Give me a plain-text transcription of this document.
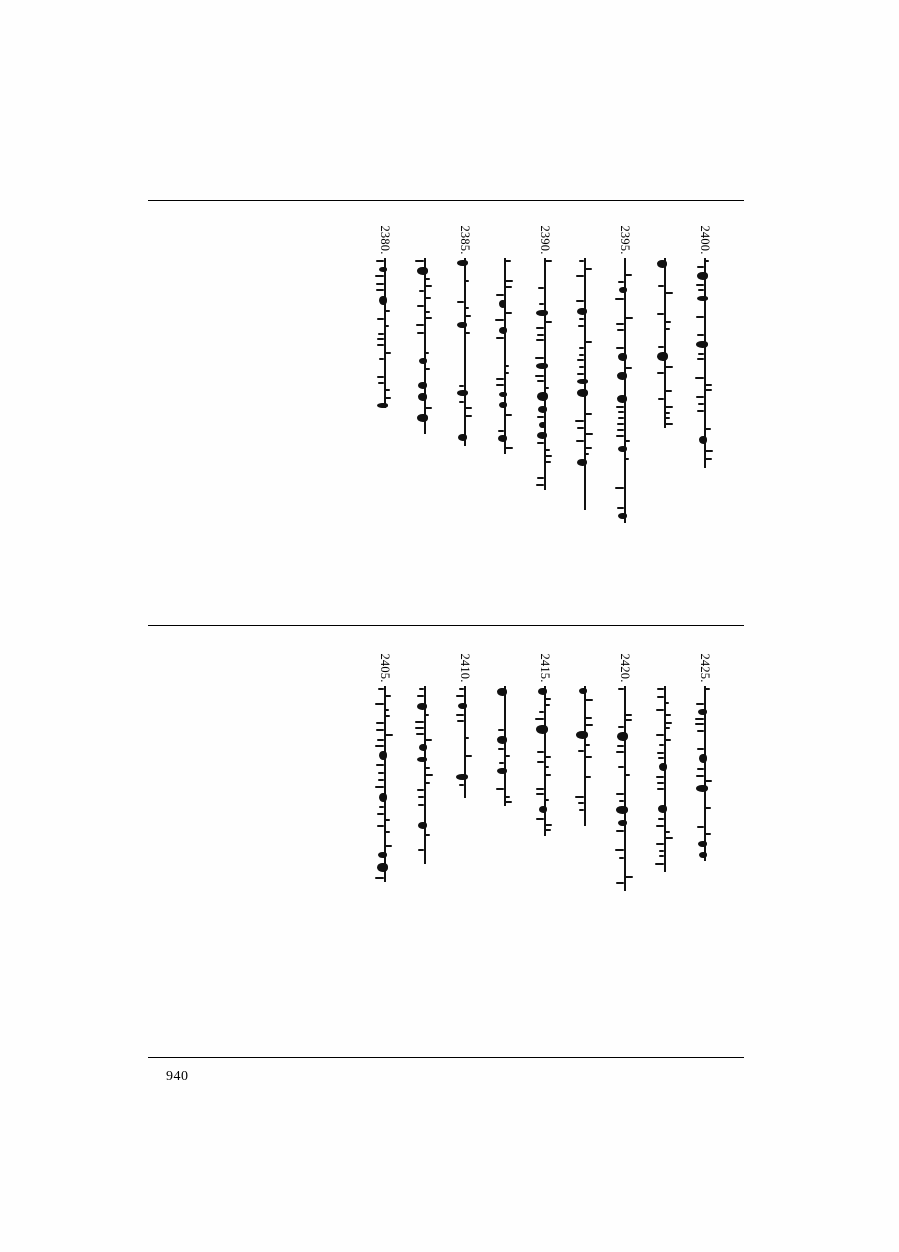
2400.
2395.
2390.
2385.
2380.
2425.
2420.
2415.
2410.
2405.
940
